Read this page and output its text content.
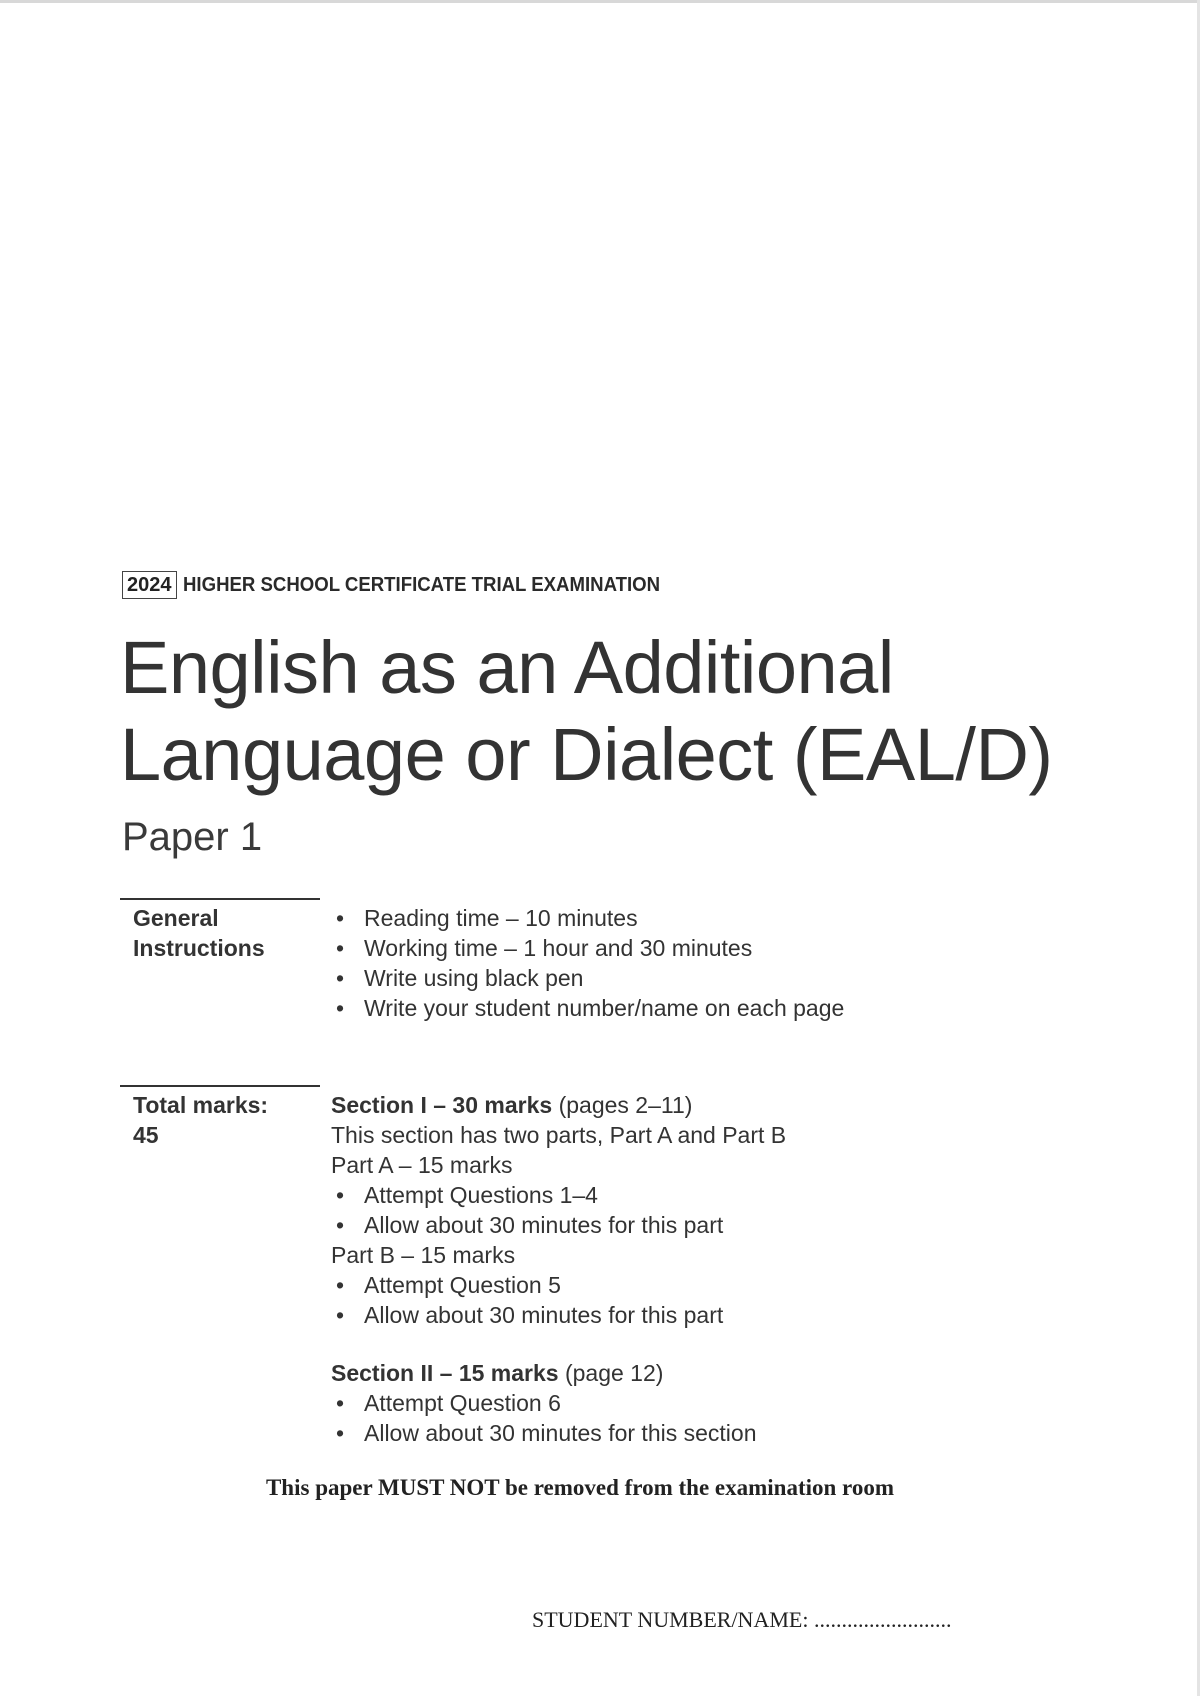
2024 HIGHER SCHOOL CERTIFICATE TRIAL EXAMINATION
English as an Additional
Language or Dialect (EAL/D)
Paper 1
General
Instructions
• Reading time – 10 minutes
• Working time – 1 hour and 30 minutes
• Write using black pen
• Write your student number/name on each page
Total marks:
45
Section I – 30 marks (pages 2–11)
This section has two parts, Part A and Part B
Part A – 15 marks
• Attempt Questions 1–4
• Allow about 30 minutes for this part
Part B – 15 marks
• Attempt Question 5
• Allow about 30 minutes for this part
Section II – 15 marks (page 12)
• Attempt Question 6
• Allow about 30 minutes for this section
This paper MUST NOT be removed from the examination room
STUDENT NUMBER/NAME: .........................
